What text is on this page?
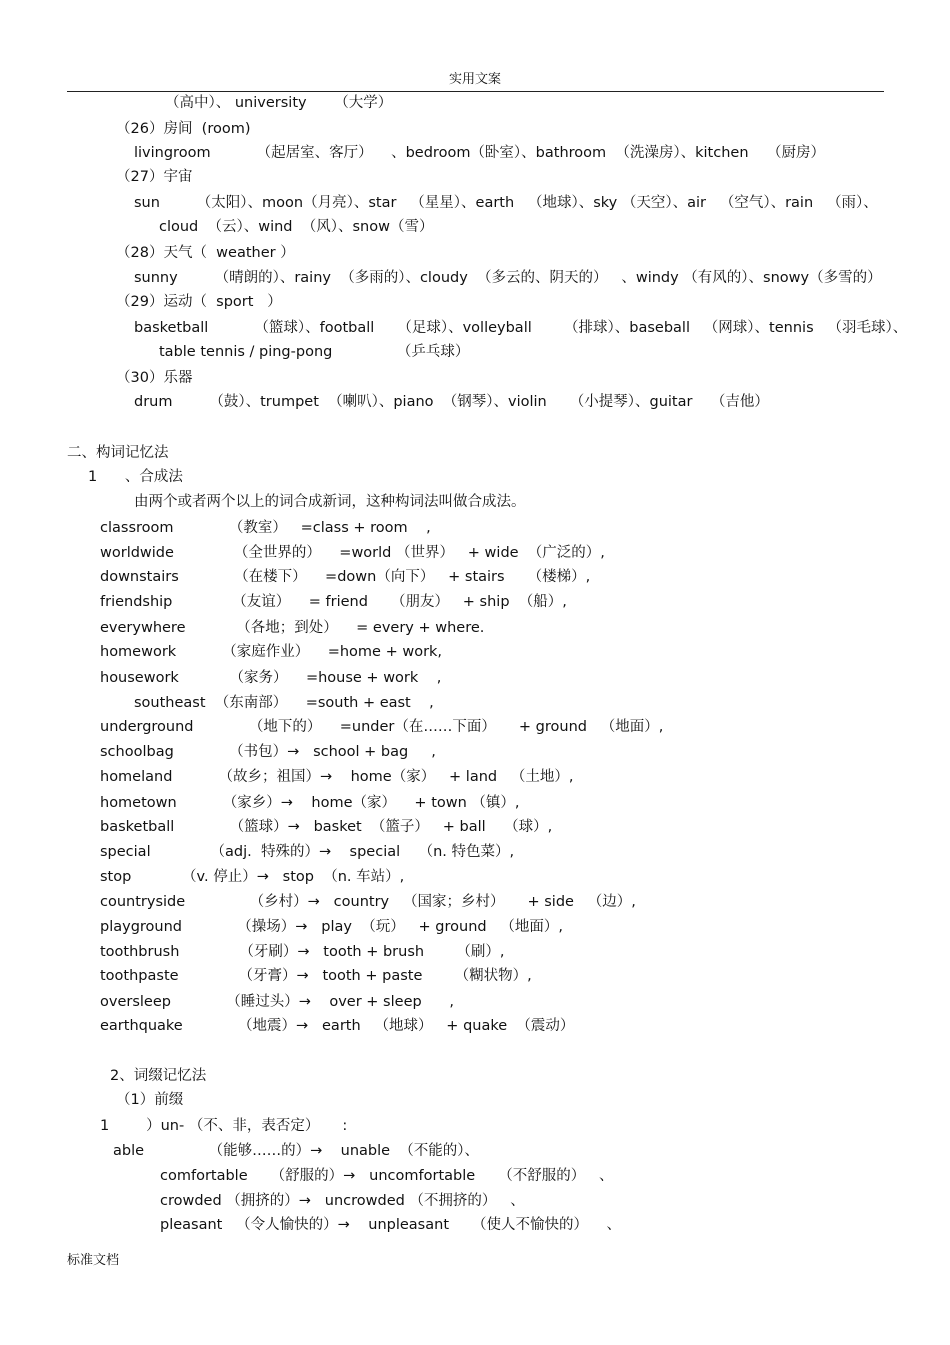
实用文案
（高中）、 university      （大学）
（26）房间  (room)
livingroom          （起居室、客厅）    、bedroom（卧室）、bathroom  （洗澡房）、kitchen    （厨房）
（27）宇宙
sun        （太阳）、moon（月亮）、star   （星星）、earth   （地球）、sky （天空）、air   （空气）、rain   （雨）、
cloud  （云）、wind  （风）、snow（雪）
（28）天气（  weather ）
sunny        （晴朗的）、rainy  （多雨的）、cloudy  （多云的、阴天的）   、windy （有风的）、snowy（多雪的）
（29）运动（  sport   ）
basketball          （篮球）、football     （足球）、volleyball       （排球）、baseball   （网球）、tennis   （羽毛球）、
table tennis / ping-pong              （乒乓球）
（30）乐器
drum        （鼓）、trumpet  （喇叭）、piano  （钢琴）、violin     （小提琴）、guitar    （吉他）
二、构词记忆法
1      、合成法
由两个或者两个以上的词合成新词，这种构词法叫做合成法。
classroom            （教室）   =class + room    ,
worldwide             （全世界的）    =world （世界）   + wide  （广泛的）,
downstairs            （在楼下）    =down（向下）   + stairs     （楼梯）,
friendship             （友谊）    = friend     （朋友）   + ship  （船）,
everywhere           （各地；到处）    = every + where.
homework          （家庭作业）    =home + work,
housework           （家务）    =house + work    ,
southeast  （东南部）    =south + east    ,
underground            （地下的）    =under（在……下面）     + ground   （地面）,
schoolbag            （书包）→   school + bag     ,
homeland          （故乡；祖国）→    home（家）   + land   （土地）,
hometown          （家乡）→    home（家）    + town （镇）,
basketball            （篮球）→   basket  （篮子）   + ball    （球）,
special             （adj.  特殊的）→    special    （n. 特色菜）,
stop           （v. 停止）→   stop  （n. 车站）,
countryside              （乡村）→   country   （国家；乡村）     + side   （边）,
playground            （操场）→   play  （玩）   + ground   （地面）,
toothbrush             （牙刷）→   tooth + brush       （刷）,
toothpaste             （牙膏）→   tooth + paste       （糊状物）,
oversleep            （睡过头）→    over + sleep      ,
earthquake            （地震）→   earth   （地球）   + quake  （震动）
2、词缀记忆法
（1）前缀
1        ）un- （不、非，表否定）     :
able              （能够……的）→    unable  （不能的）、
comfortable     （舒服的）→   uncomfortable     （不舒服的）   、
crowded （拥挤的）→   uncrowded （不拥挤的）   、
pleasant   （令人愉快的）→    unpleasant     （使人不愉快的）    、
标准文档
